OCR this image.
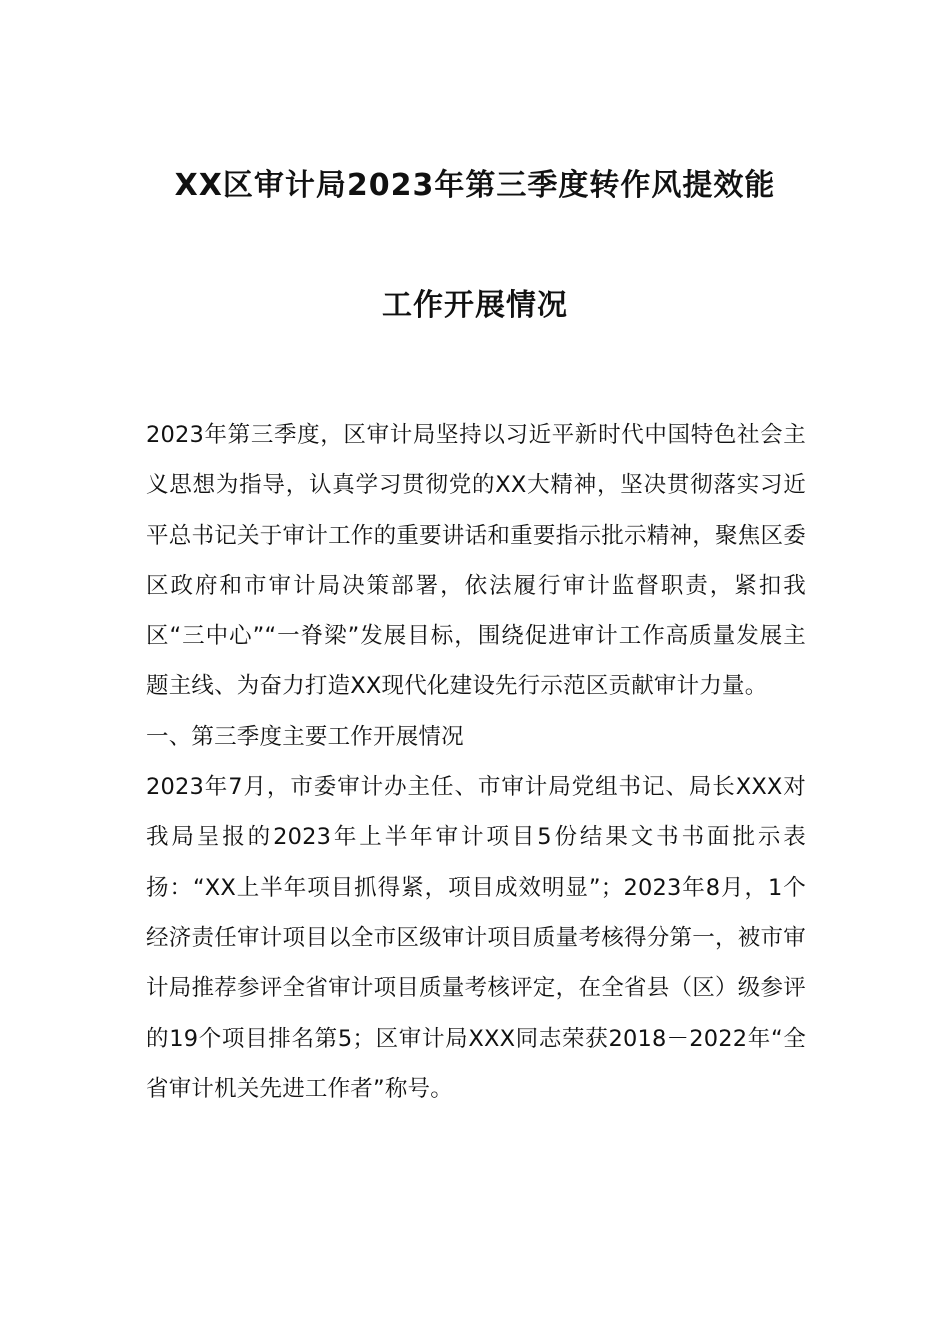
XX区审计局2023年第三季度转作风提效能
工作开展情况

2023年第三季度，区审计局坚持以习近平新时代中国特色社会主义思想为指导，认真学习贯彻党的XX大精神，坚决贯彻落实习近平总书记关于审计工作的重要讲话和重要指示批示精神，聚焦区委区政府和市审计局决策部署，依法履行审计监督职责，紧扣我区“三中心”“一脊梁”发展目标，围绕促进审计工作高质量发展主题主线、为奋力打造XX现代化建设先行示范区贡献审计力量。

一、第三季度主要工作开展情况

2023年7月，市委审计办主任、市审计局党组书记、局长XXX对我局呈报的2023年上半年审计项目5份结果文书书面批示表扬：“XX上半年项目抓得紧，项目成效明显”；2023年8月，1个经济责任审计项目以全市区级审计项目质量考核得分第一，被市审计局推荐参评全省审计项目质量考核评定，在全省县（区）级参评的19个项目排名第5；区审计局XXX同志荣获2018－2022年“全省审计机关先进工作者”称号。
